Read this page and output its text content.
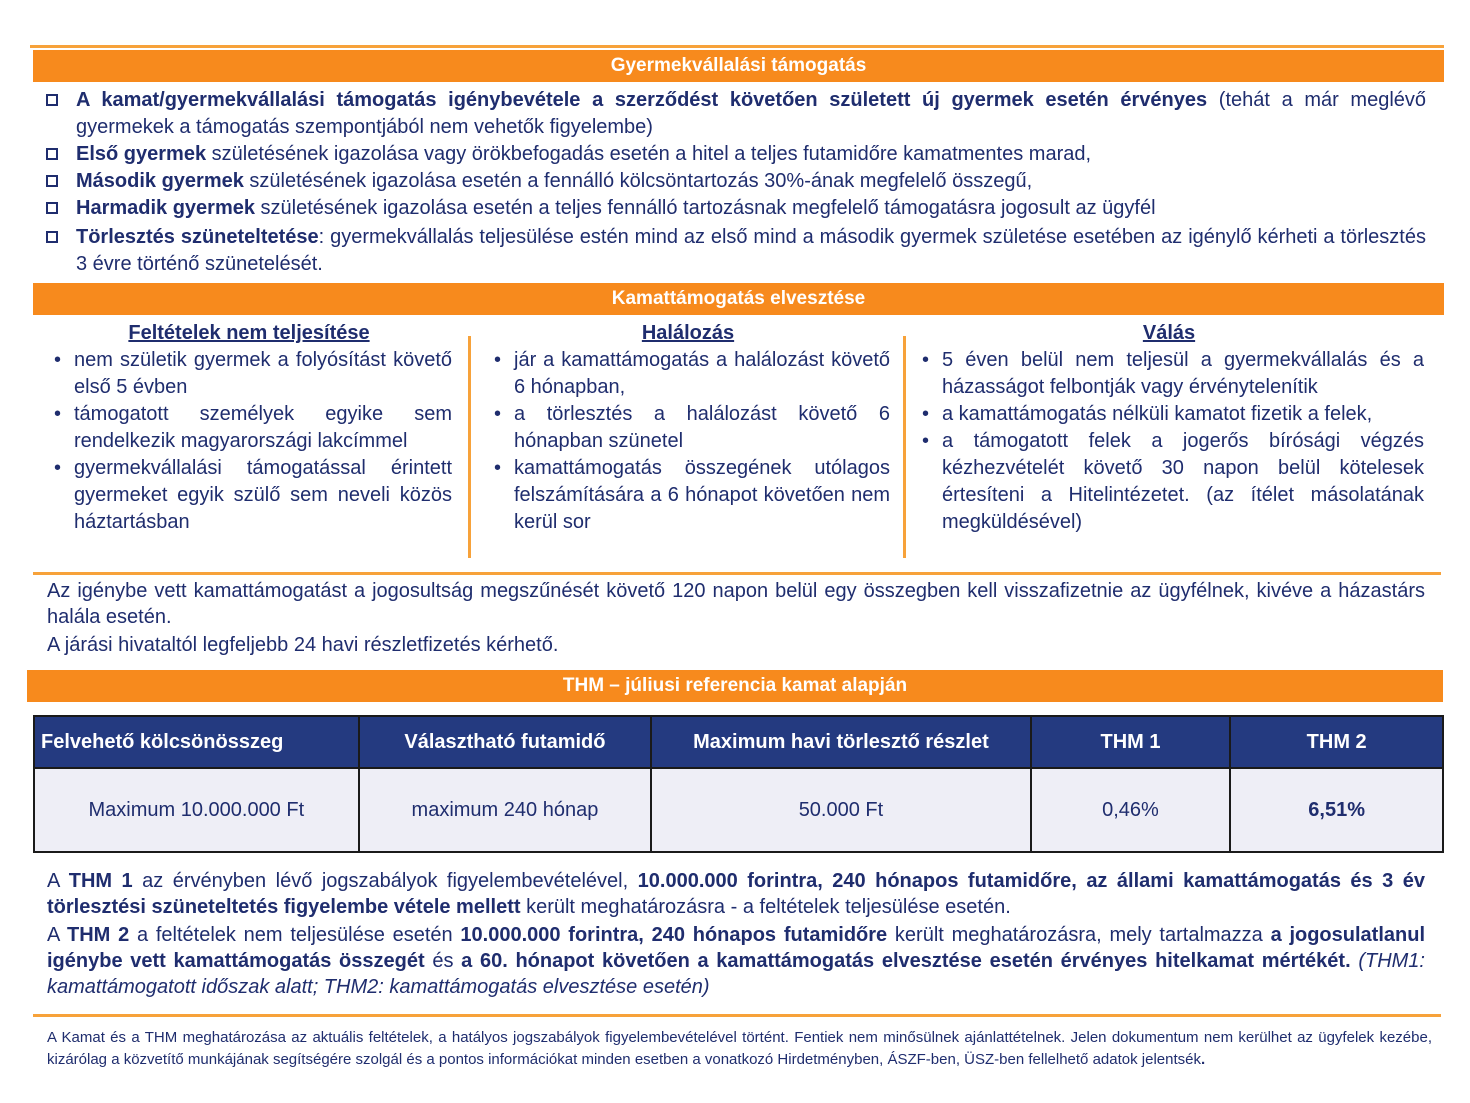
Gyermekvállalási támogatás
A kamat/gyermekvállalási támogatás igénybevétele a szerződést követően született új gyermek esetén érvényes (tehát a már meglévő gyermekek a támogatás szempontjából nem vehetők figyelembe)
Első gyermek születésének igazolása vagy örökbefogadás esetén a hitel a teljes futamidőre kamatmentes marad,
Második gyermek születésének igazolása esetén a fennálló kölcsöntartozás 30%-ának megfelelő összegű,
Harmadik gyermek születésének igazolása esetén a teljes fennálló tartozásnak megfelelő támogatásra jogosult az ügyfél
Törlesztés szüneteltetése: gyermekvállalás teljesülése estén mind az első mind a második gyermek születése esetében az igénylő kérheti a törlesztés 3 évre történő szünetelését.
Kamattámogatás elvesztése
Feltételek nem teljesítése
• nem születik gyermek a folyósítást követő első 5 évben
• támogatott személyek egyike sem rendelkezik magyarországi lakcímmel
• gyermekvállalási támogatással érintett gyermeket egyik szülő sem neveli közös háztartásban
Halálozás
• jár a kamattámogatás a halálozást követő 6 hónapban,
• a törlesztés a halálozást követő 6 hónapban szünetel
• kamattámogatás összegének utólagos felszámítására a 6 hónapot követően nem kerül sor
Válás
• 5 éven belül nem teljesül a gyermekvállalás és a házasságot felbontják vagy érvénytelenítik
• a kamattámogatás nélküli kamatot fizetik a felek,
• a támogatott felek a jogerős bírósági végzés kézhezvételét követő 30 napon belül kötelesek értesíteni a Hitelintézetet. (az ítélet másolatának megküldésével)
Az igénybe vett kamattámogatást a jogosultság megszűnését követő 120 napon belül egy összegben kell visszafizetnie az ügyfélnek, kivéve a házastárs halála esetén.
A járási hivataltól legfeljebb 24 havi részletfizetés kérhető.
THM – júliusi referencia kamat alapján
Felvehető kölcsönösszeg	Választható futamidő	Maximum havi törlesztő részlet	THM 1	THM 2
Maximum 10.000.000 Ft	maximum 240 hónap	50.000 Ft	0,46%	6,51%
A THM 1 az érvényben lévő jogszabályok figyelembevételével, 10.000.000 forintra, 240 hónapos futamidőre, az állami kamattámogatás és 3 év törlesztési szüneteltetés figyelembe vétele mellett került meghatározásra - a feltételek teljesülése esetén.
A THM 2 a feltételek nem teljesülése esetén 10.000.000 forintra, 240 hónapos futamidőre került meghatározásra, mely tartalmazza a jogosulatlanul igénybe vett kamattámogatás összegét és a 60. hónapot követően a kamattámogatás elvesztése esetén érvényes hitelkamat mértékét. (THM1: kamattámogatott időszak alatt; THM2: kamattámogatás elvesztése esetén)
A Kamat és a THM meghatározása az aktuális feltételek, a hatályos jogszabályok figyelembevételével történt. Fentiek nem minősülnek ajánlattételnek. Jelen dokumentum nem kerülhet az ügyfelek kezébe, kizárólag a közvetítő munkájának segítségére szolgál és a pontos információkat minden esetben a vonatkozó Hirdetményben, ÁSZF-ben, ÜSZ-ben fellelhető adatok jelentsék.
